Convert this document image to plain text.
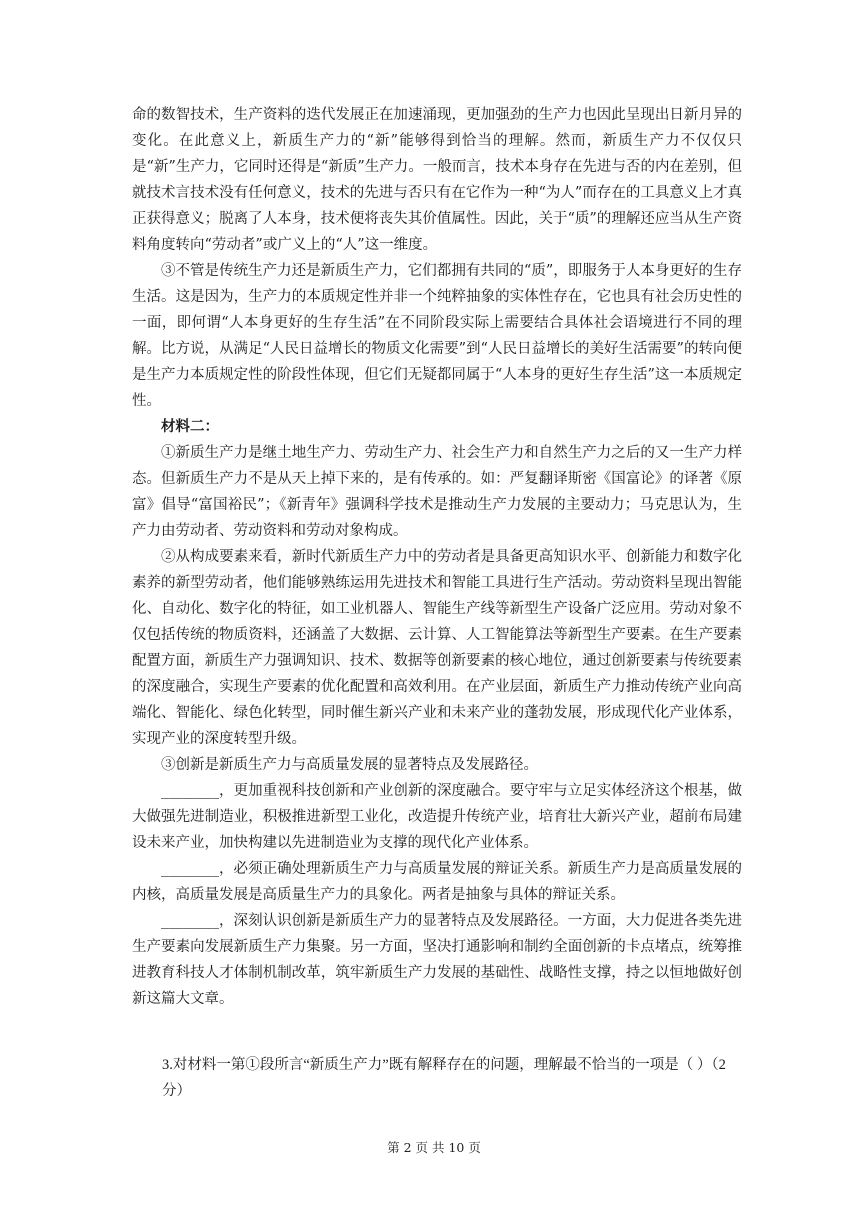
命的数智技术，生产资料的迭代发展正在加速涌现，更加强劲的生产力也因此呈现出日新月异的变化。在此意义上，新质生产力的“新”能够得到恰当的理解。然而，新质生产力不仅仅只是“新”生产力，它同时还得是“新质”生产力。一般而言，技术本身存在先进与否的内在差别，但就技术言技术没有任何意义，技术的先进与否只有在它作为一种“为人”而存在的工具意义上才真正获得意义；脱离了人本身，技术便将丧失其价值属性。因此，关于“质”的理解还应当从生产资料角度转向“劳动者”或广义上的“人”这一维度。

③不管是传统生产力还是新质生产力，它们都拥有共同的“质”，即服务于人本身更好的生存生活。这是因为，生产力的本质规定性并非一个纯粹抽象的实体性存在，它也具有社会历史性的一面，即何谓“人本身更好的生存生活”在不同阶段实际上需要结合具体社会语境进行不同的理解。比方说，从满足“人民日益增长的物质文化需要”到“人民日益增长的美好生活需要”的转向便是生产力本质规定性的阶段性体现，但它们无疑都同属于“人本身的更好生存生活”这一本质规定性。

材料二：

①新质生产力是继土地生产力、劳动生产力、社会生产力和自然生产力之后的又一生产力样态。但新质生产力不是从天上掉下来的，是有传承的。如：严复翻译斯密《国富论》的译著《原富》倡导“富国裕民”；《新青年》强调科学技术是推动生产力发展的主要动力；马克思认为，生产力由劳动者、劳动资料和劳动对象构成。

②从构成要素来看，新时代新质生产力中的劳动者是具备更高知识水平、创新能力和数字化素养的新型劳动者，他们能够熟练运用先进技术和智能工具进行生产活动。劳动资料呈现出智能化、自动化、数字化的特征，如工业机器人、智能生产线等新型生产设备广泛应用。劳动对象不仅包括传统的物质资料，还涵盖了大数据、云计算、人工智能算法等新型生产要素。在生产要素配置方面，新质生产力强调知识、技术、数据等创新要素的核心地位，通过创新要素与传统要素的深度融合，实现生产要素的优化配置和高效利用。在产业层面，新质生产力推动传统产业向高端化、智能化、绿色化转型，同时催生新兴产业和未来产业的蓬勃发展，形成现代化产业体系，实现产业的深度转型升级。

③创新是新质生产力与高质量发展的显著特点及发展路径。

________，更加重视科技创新和产业创新的深度融合。要守牢与立足实体经济这个根基，做大做强先进制造业，积极推进新型工业化，改造提升传统产业，培育壮大新兴产业，超前布局建设未来产业，加快构建以先进制造业为支撑的现代化产业体系。

________，必须正确处理新质生产力与高质量发展的辩证关系。新质生产力是高质量发展的内核，高质量发展是高质量生产力的具象化。两者是抽象与具体的辩证关系。

________，深刻认识创新是新质生产力的显著特点及发展路径。一方面，大力促进各类先进生产要素向发展新质生产力集聚。另一方面，坚决打通影响和制约全面创新的卡点堵点，统筹推进教育科技人才体制机制改革，筑牢新质生产力发展的基础性、战略性支撑，持之以恒地做好创新这篇大文章。

3.对材料一第①段所言“新质生产力”既有解释存在的问题，理解最不恰当的一项是（ ）（2分）

第 2 页 共 10 页
